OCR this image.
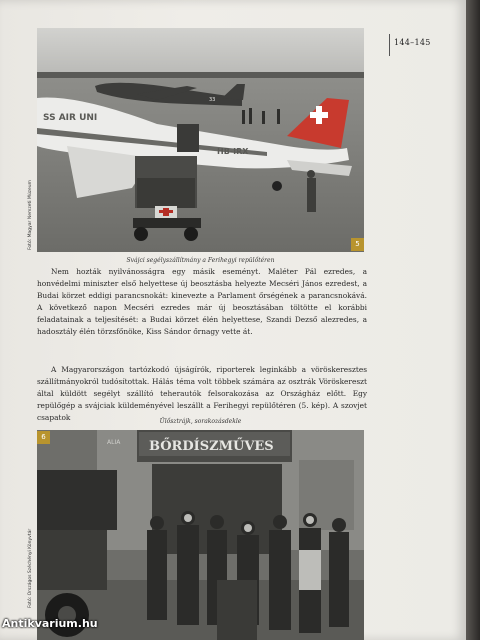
144–145
SS AIR UNI
HB-IRX
33
Fotó: Magyar Nemzeti Múzeum	5
Svájci segélyszállítmány a Ferihegyi repülőtéren

Nem hozták nyilvánosságra egy másik eseményt. Maléter Pál ezredes, a honvédelmi miniszter első helyettese új beosztásba helyezte Mecséri János ezredest, a Budai körzet eddigi parancsnokát: kinevezte a Parlament őrségének a parancsnokává. A következő napon Mecséri ezredes már új beosztásában töltötte el korábbi feladatainak a teljesítését: a Budai körzet élén helyettese, Szandi Dezső alezredes, a hadosztály élén törzsfőnöke, Kiss Sándor őrnagy vette át.

A Magyarországon tartózkodó újságírók, riporterek leginkább a vöröskeresztes szállítmányokról tudósítottak. Hálás téma volt többek számára az osztrák Vöröskereszt által küldött segélyt szállító teherautók felsorakozása az Országház előtt. Egy repülőgép a svájciak küldeményével leszállt a Ferihegyi repülőtéren (5. kép). A szovjet csapatok	Ülősztrájk, sorakozásdekle
BŐRDÍSZMŰVES
ALIA
Fotó: Országos Széchényi Könyvtár
6
Antikvarium.hu
